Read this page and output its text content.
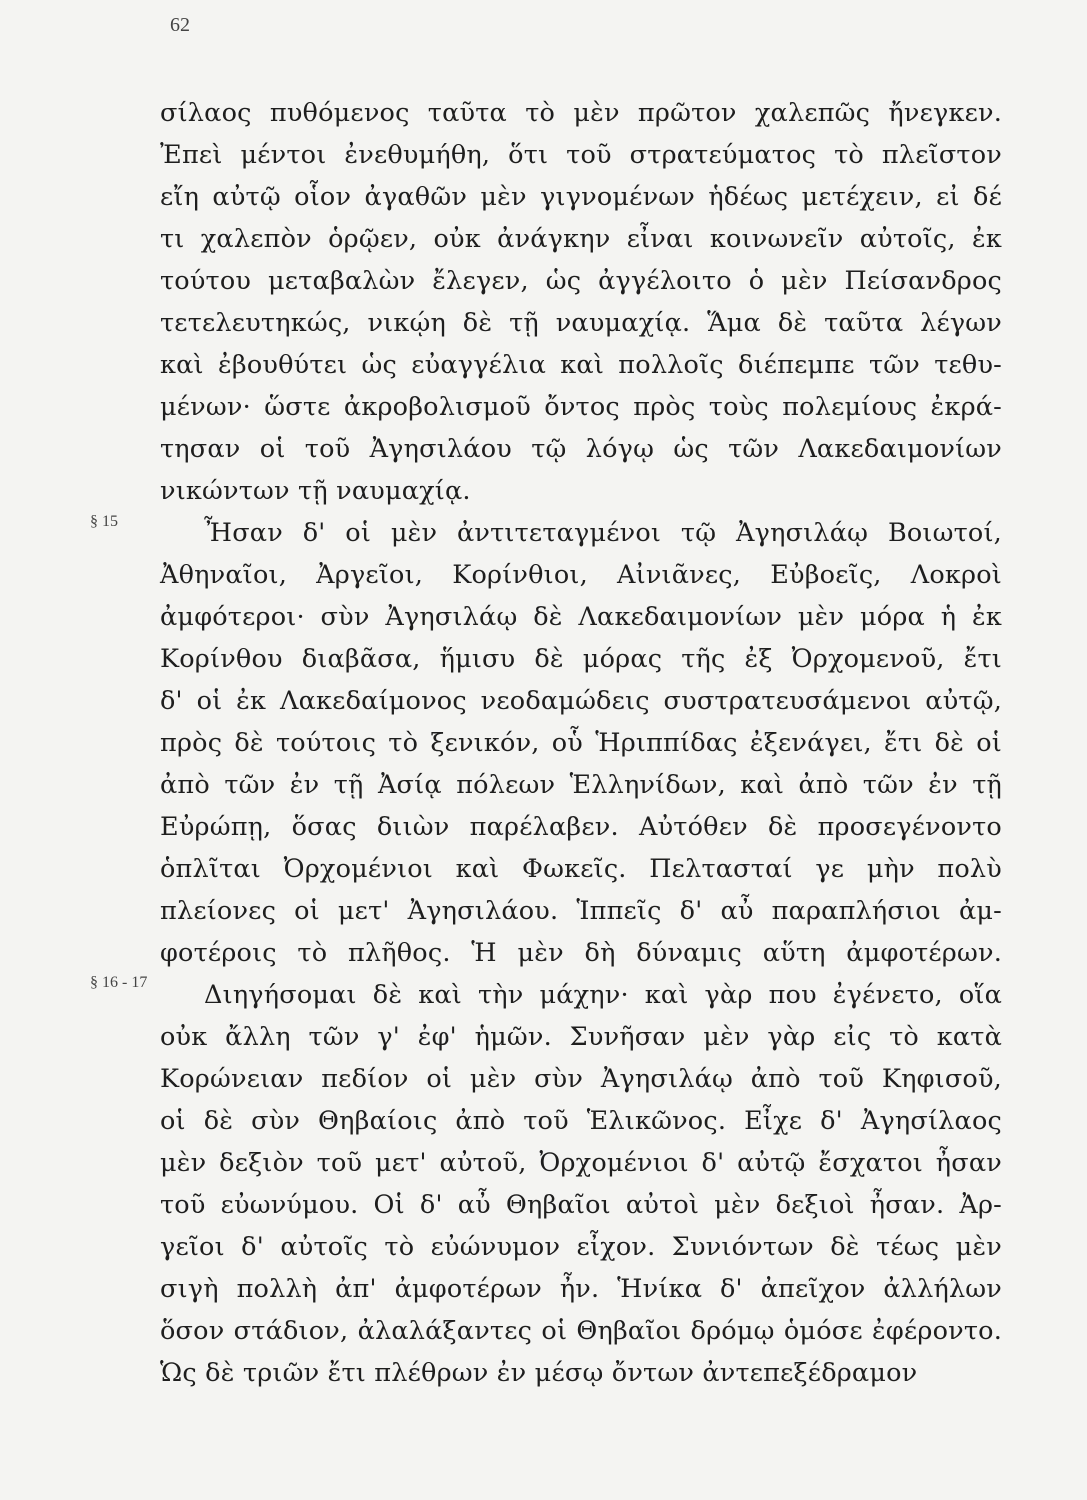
62
§ 15
§ 16 - 17
σίλαος πυθόμενος ταῦτα τὸ μὲν πρῶτον χαλεπῶς ἤνεγκεν.
Ἐπεὶ μέντοι ἐνεθυμήθη, ὅτι τοῦ στρατεύματος τὸ πλεῖστον
εἴη αὐτῷ οἷον ἀγαθῶν μὲν γιγνομένων ἡδέως μετέχειν, εἰ δέ
τι χαλεπὸν ὁρῷεν, οὐκ ἀνάγκην εἶναι κοινωνεῖν αὐτοῖς, ἐκ
τούτου μεταβαλὼν ἔλεγεν, ὡς ἀγγέλοιτο ὁ μὲν Πείσανδρος
τετελευτηκώς, νικῴη δὲ τῇ ναυμαχίᾳ. Ἅμα δὲ ταῦτα λέγων
καὶ ἐβουθύτει ὡς εὐαγγέλια καὶ πολλοῖς διέπεμπε τῶν τεθυ-
μένων· ὥστε ἀκροβολισμοῦ ὄντος πρὸς τοὺς πολεμίους ἐκρά-
τησαν οἱ τοῦ Ἀγησιλάου τῷ λόγῳ ὡς τῶν Λακεδαιμονίων
νικώντων τῇ ναυμαχίᾳ.
Ἦσαν δ' οἱ μὲν ἀντιτεταγμένοι τῷ Ἀγησιλάῳ Βοιωτοί,
Ἀθηναῖοι, Ἀργεῖοι, Κορίνθιοι, Αἰνιᾶνες, Εὐβοεῖς, Λοκροὶ
ἀμφότεροι· σὺν Ἀγησιλάῳ δὲ Λακεδαιμονίων μὲν μόρα ἡ ἐκ
Κορίνθου διαβᾶσα, ἥμισυ δὲ μόρας τῆς ἐξ Ὀρχομενοῦ, ἔτι
δ' οἱ ἐκ Λακεδαίμονος νεοδαμώδεις συστρατευσάμενοι αὐτῷ,
πρὸς δὲ τούτοις τὸ ξενικόν, οὗ Ἡριππίδας ἐξενάγει, ἔτι δὲ οἱ
ἀπὸ τῶν ἐν τῇ Ἀσίᾳ πόλεων Ἑλληνίδων, καὶ ἀπὸ τῶν ἐν τῇ
Εὐρώπῃ, ὅσας διιὼν παρέλαβεν. Αὐτόθεν δὲ προσεγένοντο
ὁπλῖται Ὀρχομένιοι καὶ Φωκεῖς. Πελτασταί γε μὴν πολὺ
πλείονες οἱ μετ' Ἀγησιλάου. Ἱππεῖς δ' αὖ παραπλήσιοι ἀμ-
φοτέροις τὸ πλῆθος. Ἡ μὲν δὴ δύναμις αὕτη ἀμφοτέρων.
Διηγήσομαι δὲ καὶ τὴν μάχην· καὶ γὰρ που ἐγένετο, οἵα
οὐκ ἄλλη τῶν γ' ἐφ' ἡμῶν. Συνῆσαν μὲν γὰρ εἰς τὸ κατὰ
Κορώνειαν πεδίον οἱ μὲν σὺν Ἀγησιλάῳ ἀπὸ τοῦ Κηφισοῦ,
οἱ δὲ σὺν Θηβαίοις ἀπὸ τοῦ Ἑλικῶνος. Εἶχε δ' Ἀγησίλαος
μὲν δεξιὸν τοῦ μετ' αὐτοῦ, Ὀρχομένιοι δ' αὐτῷ ἔσχατοι ἦσαν
τοῦ εὐωνύμου. Οἱ δ' αὖ Θηβαῖοι αὐτοὶ μὲν δεξιοὶ ἦσαν. Ἀρ-
γεῖοι δ' αὐτοῖς τὸ εὐώνυμον εἶχον. Συνιόντων δὲ τέως μὲν
σιγὴ πολλὴ ἀπ' ἀμφοτέρων ἦν. Ἡνίκα δ' ἀπεῖχον ἀλλήλων
ὅσον στάδιον, ἀλαλάξαντες οἱ Θηβαῖοι δρόμῳ ὁμόσε ἐφέροντο.
Ὡς δὲ τριῶν ἔτι πλέθρων ἐν μέσῳ ὄντων ἀντεπεξέδραμον
